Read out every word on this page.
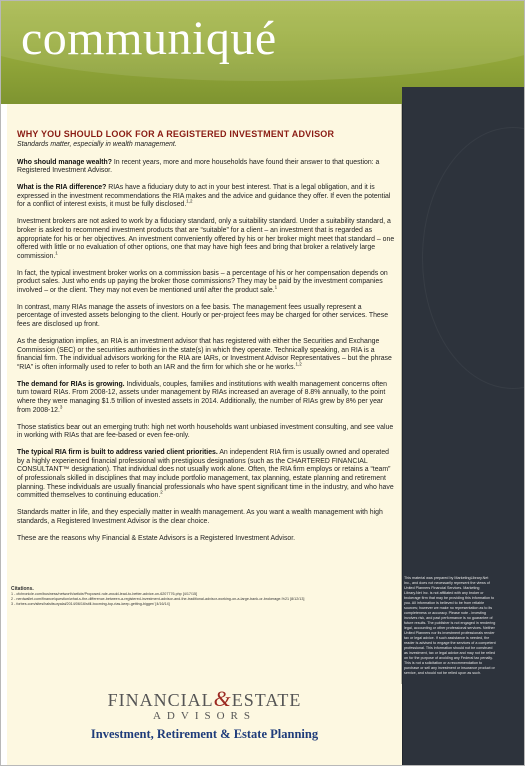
communiqué
WHY YOU SHOULD LOOK FOR A REGISTERED INVESTMENT ADVISOR
Standards matter, especially in wealth management.

Who should manage wealth? In recent years, more and more households have found their answer to that question: a Registered Investment Advisor.

What is the RIA difference? RIAs have a fiduciary duty to act in your best interest. That is a legal obligation, and it is expressed in the investment recommendations the RIA makes and the advice and guidance they offer. If even the potential for a conflict of interest exists, it must be fully disclosed.$^{1,2}$

Investment brokers are not asked to work by a fiduciary standard, only a suitability standard. Under a suitability standard, a broker is asked to recommend investment products that are “suitable” for a client – an investment that is regarded as appropriate for his or her objectives. An investment conveniently offered by his or her broker might meet that standard – one offered with little or no evaluation of other options, one that may have high fees and bring that broker a relatively large commission.$^1$

In fact, the typical investment broker works on a commission basis – a percentage of his or her compensation depends on product sales. Just who ends up paying the broker those commissions? They may be paid by the investment companies involved – or the client. They may not even be mentioned until after the product sale.$^1$

In contrast, many RIAs manage the assets of investors on a fee basis. The management fees usually represent a percentage of invested assets belonging to the client. Hourly or per-project fees may be charged for other services. These fees are disclosed up front.

As the designation implies, an RIA is an investment advisor that has registered with either the Securities and Exchange Commission (SEC) or the securities authorities in the state(s) in which they operate. Technically speaking, an RIA is a financial firm. The individual advisors working for the RIA are IARs, or Investment Advisor Representatives – but the phrase “RIA” is often informally used to refer to both an IAR and the firm for which she or he works.$^{1,2}$

The demand for RIAs is growing. Individuals, couples, families and institutions with wealth management concerns often turn toward RIAs. From 2008-12, assets under management by RIAs increased an average of 8.8% annually, to the point where they were managing $1.5 trillion of invested assets in 2014. Additionally, the number of RIAs grew by 8% per year from 2008-12.$^3$

Those statistics bear out an emerging truth: high net worth households want unbiased investment consulting, and see value in working with RIAs that are fee-based or even fee-only.

The typical RIA firm is built to address varied client priorities. An independent RIA firm is usually owned and operated by a highly experienced financial professional with prestigious designations (such as the CHARTERED FINANCIAL CONSULTANT™ designation). That individual does not usually work alone. Often, the RIA firm employs or retains a “team” of professionals skilled in disciplines that may include portfolio management, tax planning, estate planning and retirement planning. These individuals are usually financial professionals who have spent significant time in the industry, and who have committed themselves to continuing education.$^2$

Standards matter in life, and they especially matter in wealth management. As you want a wealth management with high standards, a Registered Investment Advisor is the clear choice.

These are the reasons why Financial & Estate Advisors is a Registered Investment Advisor.

Citations.
1 - cfchronicle.com/business/networth/article/Proposed-rule-would-lead-to-better-advice-on-6207776.php [4/17/15]
2 - nerdwallet.com/finance/question/what-s-the-difference-between-a-registered-investment-advisor-and-the-traditional-advisor-working-on-a-large-bank-or-brokerage-%21 [8/12/13]
3 - forbes.com/sites/halsitsuryalai/2014/06/16/still-booming-top-rias-keep-getting-bigger/ [4/16/14]

This material was prepared by MarketingLibrary.Net Inc., and does not necessarily represent the views of United Planners Financial Services. Marketing Library.Net Inc. is not affiliated with any broker or brokerage firm that may be providing this information to you. All information is believed to be from reliable sources; however we make no representation as to its completeness or accuracy. Please note - investing involves risk, and past performance is no guarantee of future results. The publisher is not engaged in rendering legal, accounting or other professional services. Neither United Planners nor its investment professionals render tax or legal advice. If such assistance is needed, the reader is advised to engage the services of a competent professional. This information should not be construed as investment, tax or legal advice and may not be relied on for the purpose of avoiding any Federal tax penalty. This is not a solicitation or a recommendation to purchase or sell any investment or insurance product or service, and should not be relied upon as such.

FINANCIAL&ESTATE
ADVISORS
Investment, Retirement & Estate Planning
